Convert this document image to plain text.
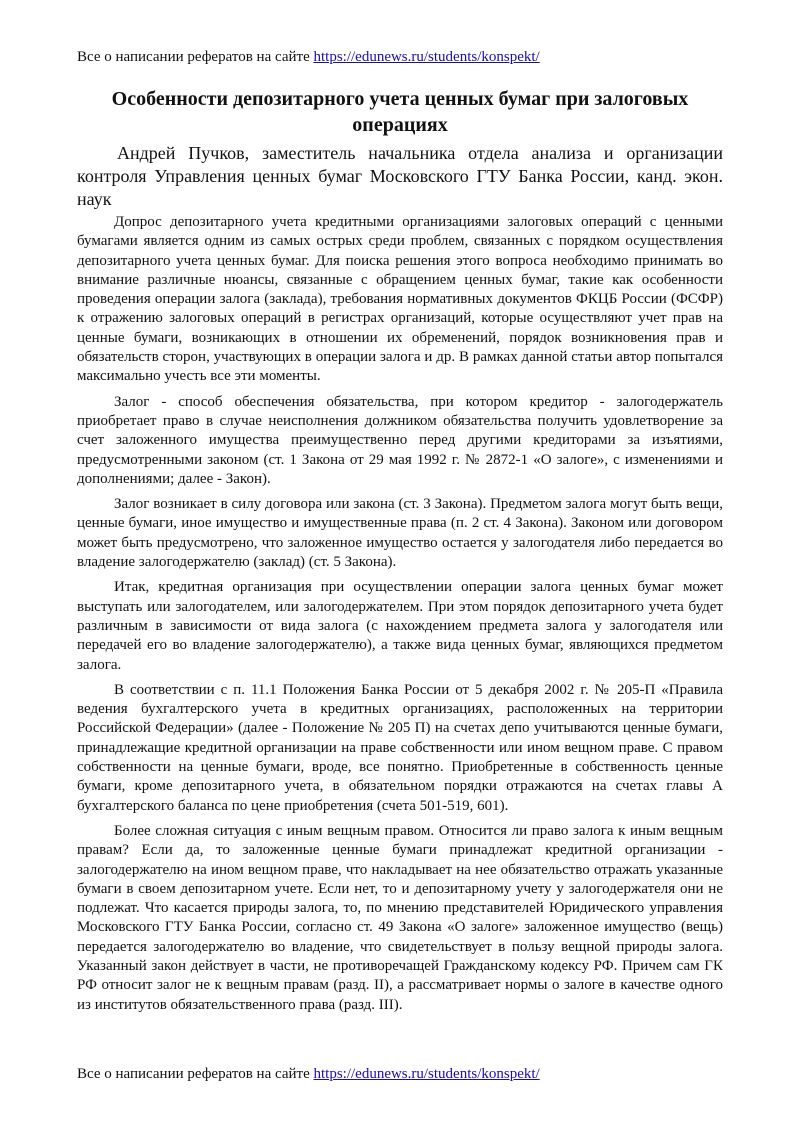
Все о написании рефератов на сайте https://edunews.ru/students/konspekt/
Особенности депозитарного учета ценных бумаг при залоговых операциях

Андрей Пучков, заместитель начальника отдела анализа и организации контроля Управления ценных бумаг Московского ГТУ Банка России, канд. экон. наук

Допрос депозитарного учета кредитными организациями залоговых операций с ценными бумагами является одним из самых острых среди проблем, связанных с порядком осуществления депозитарного учета ценных бумаг. Для поиска решения этого вопроса необходимо принимать во внимание различные нюансы, связанные с обращением ценных бумаг, такие как особенности проведения операции залога (заклада), требования нормативных документов ФКЦБ России (ФСФР) к отражению залоговых операций в регистрах организаций, которые осуществляют учет прав на ценные бумаги, возникающих в отношении их обременений, порядок возникновения прав и обязательств сторон, участвующих в операции залога и др. В рамках данной статьи автор попытался максимально учесть все эти моменты.

Залог - способ обеспечения обязательства, при котором кредитор - залогодержатель приобретает право в случае неисполнения должником обязательства получить удовлетворение за счет заложенного имущества преимущественно перед другими кредиторами за изъятиями, предусмотренными законом (ст. 1 Закона от 29 мая 1992 г. № 2872-1 «О залоге», с изменениями и дополнениями; далее - Закон).

Залог возникает в силу договора или закона (ст. 3 Закона). Предметом залога могут быть вещи, ценные бумаги, иное имущество и имущественные права (п. 2 ст. 4 Закона). Законом или договором может быть предусмотрено, что заложенное имущество остается у залогодателя либо передается во владение залогодержателю (заклад) (ст. 5 Закона).

Итак, кредитная организация при осуществлении операции залога ценных бумаг может выступать или залогодателем, или залогодержателем. При этом порядок депозитарного учета будет различным в зависимости от вида залога (с нахождением предмета залога у залогодателя или передачей его во владение залогодержателю), а также вида ценных бумаг, являющихся предметом залога.

В соответствии с п. 11.1 Положения Банка России от 5 декабря 2002 г. № 205-П «Правила ведения бухгалтерского учета в кредитных организациях, расположенных на территории Российской Федерации» (далее - Положение № 205 П) на счетах депо учитываются ценные бумаги, принадлежащие кредитной организации на праве собственности или ином вещном праве. С правом собственности на ценные бумаги, вроде, все понятно. Приобретенные в собственность ценные бумаги, кроме депозитарного учета, в обязательном порядки отражаются на счетах главы А бухгалтерского баланса по цене приобретения (счета 501-519, 601).

Более сложная ситуация с иным вещным правом. Относится ли право залога к иным вещным правам? Если да, то заложенные ценные бумаги принадлежат кредитной организации - залогодержателю на ином вещном праве, что накладывает на нее обязательство отражать указанные бумаги в своем депозитарном учете. Если нет, то и депозитарному учету у залогодержателя они не подлежат. Что касается природы залога, то, по мнению представителей Юридического управления Московского ГТУ Банка России, согласно ст. 49 Закона «О залоге» заложенное имущество (вещь) передается залогодержателю во владение, что свидетельствует в пользу вещной природы залога. Указанный закон действует в части, не противоречащей Гражданскому кодексу РФ. Причем сам ГК РФ относит залог не к вещным правам (разд. II), а рассматривает нормы о залоге в качестве одного из институтов обязательственного права (разд. III).

Все о написании рефератов на сайте https://edunews.ru/students/konspekt/
